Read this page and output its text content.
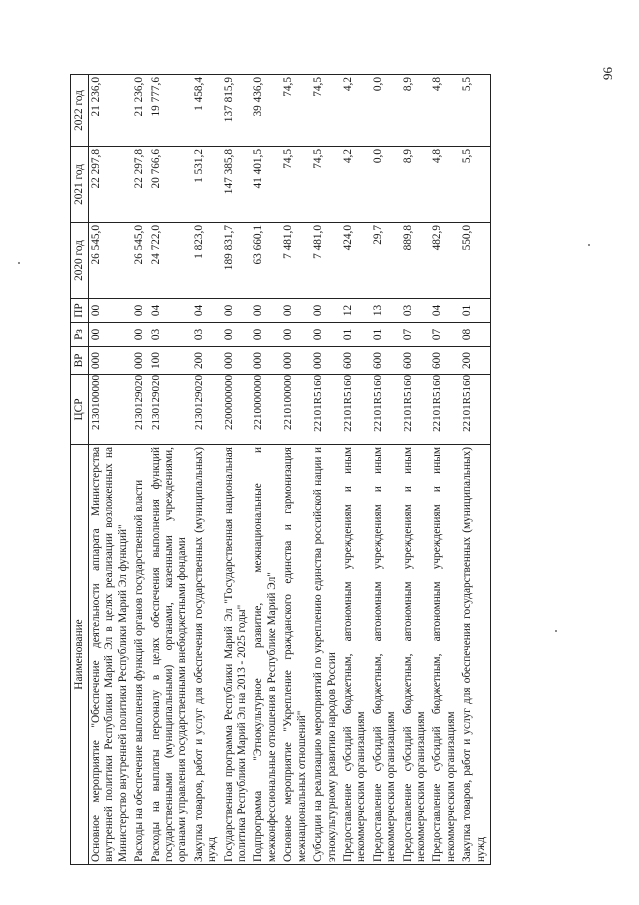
96
Наименование	ЦСР	ВР	Рз	ПР	2020 год	2021 год	2022 год
Основное мероприятие "Обеспечение деятельности аппарата Министерства внутренней политики Республики Марий Эл в целях реализации возложенных на Министерство внутренней политики Республики Марий Эл функций"	2130100000	000	00	00	26 545,0	22 297,8	21 236,0
Расходы на обеспечение выполнения функций органов государственной власти	2130129020	000	00	00	26 545,0	22 297,8	21 236,0
Расходы на выплаты персоналу в целях обеспечения выполнения функций государственными (муниципальными) органами, казенными учреждениями, органами управления государственными внебюджетными фондами	2130129020	100	03	04	24 722,0	20 766,6	19 777,6
Закупка товаров, работ и услуг для обеспечения государственных (муниципальных) нужд	2130129020	200	03	04	1 823,0	1 531,2	1 458,4
Государственная программа Республики Марий Эл "Государственная национальная политика Республики Марий Эл на 2013 - 2025 годы"	2200000000	000	00	00	189 831,7	147 385,8	137 815,9
Подпрограмма "Этнокультурное развитие, межнациональные и межконфессиональные отношения в Республике Марий Эл"	2210000000	000	00	00	63 660,1	41 401,5	39 436,0
Основное мероприятие "Укрепление гражданского единства и гармонизация межнациональных отношений"	2210100000	000	00	00	7 481,0	74,5	74,5
Субсидии на реализацию мероприятий по укреплению единства российской нации и этнокультурному развитию народов России	22101R5160	000	00	00	7 481,0	74,5	74,5
Предоставление субсидий бюджетным, автономным учреждениям и иным некоммерческим организациям	22101R5160	600	01	12	424,0	4,2	4,2
Предоставление субсидий бюджетным, автономным учреждениям и иным некоммерческим организациям	22101R5160	600	01	13	29,7	0,0	0,0
Предоставление субсидий бюджетным, автономным учреждениям и иным некоммерческим организациям	22101R5160	600	07	03	889,8	8,9	8,9
Предоставление субсидий бюджетным, автономным учреждениям и иным некоммерческим организациям	22101R5160	600	07	04	482,9	4,8	4,8
Закупка товаров, работ и услуг для обеспечения государственных (муниципальных) нужд	22101R5160	200	08	01	550,0	5,5	5,5
